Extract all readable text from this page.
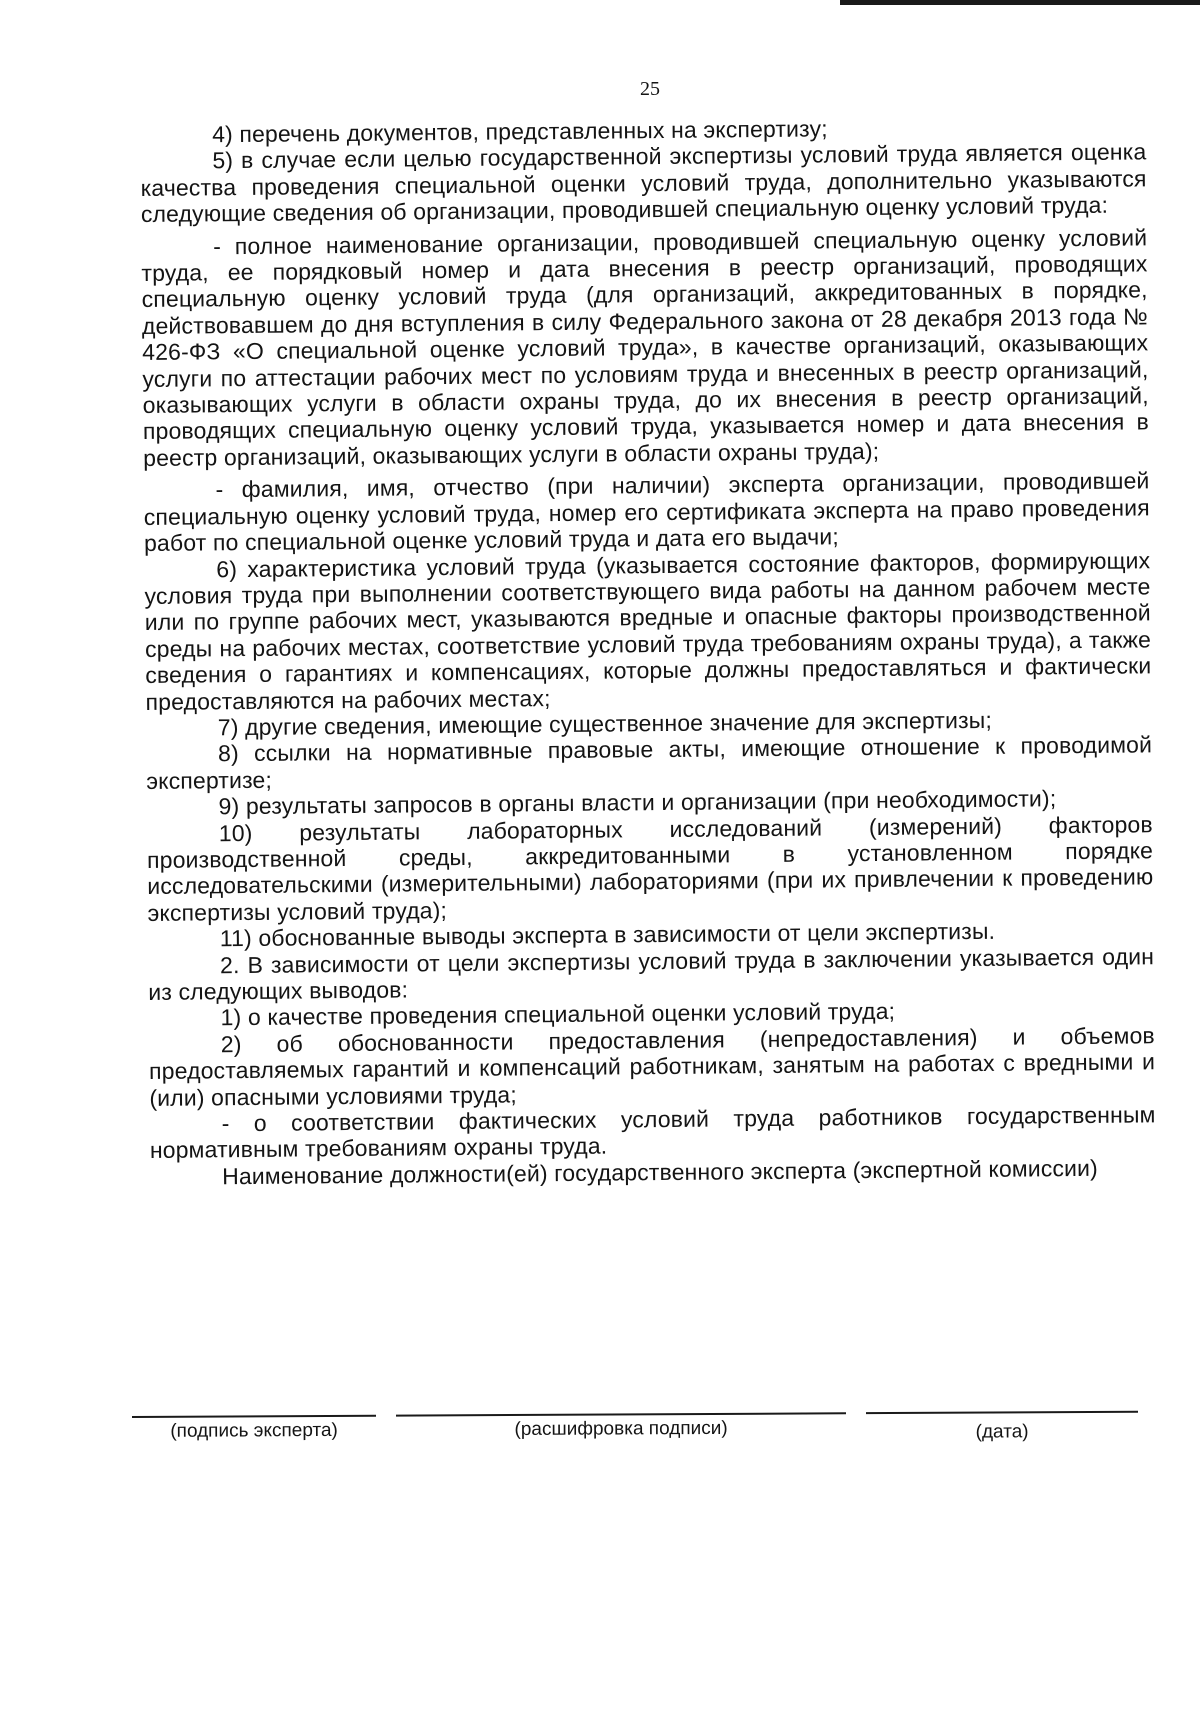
25

4) перечень документов, представленных на экспертизу;

5) в случае если целью государственной экспертизы условий труда является оценка качества проведения специальной оценки условий труда, дополнительно указываются следующие сведения об организации, проводившей специальную оценку условий труда:

- полное наименование организации, проводившей специальную оценку условий труда, ее порядковый номер и дата внесения в реестр организаций, проводящих специальную оценку условий труда (для организаций, аккредитованных в порядке, действовавшем до дня вступления в силу Федерального закона от 28 декабря 2013 года № 426-ФЗ «О специальной оценке условий труда», в качестве организаций, оказывающих услуги по аттестации рабочих мест по условиям труда и внесенных в реестр организаций, оказывающих услуги в области охраны труда, до их внесения в реестр организаций, проводящих специальную оценку условий труда, указывается номер и дата внесения в реестр организаций, оказывающих услуги в области охраны труда);

- фамилия, имя, отчество (при наличии) эксперта организации, проводившей специальную оценку условий труда, номер его сертификата эксперта на право проведения работ по специальной оценке условий труда и дата его выдачи;

6) характеристика условий труда (указывается состояние факторов, формирующих условия труда при выполнении соответствующего вида работы на данном рабочем месте или по группе рабочих мест, указываются вредные и опасные факторы производственной среды на рабочих местах, соответствие условий труда требованиям охраны труда), а также сведения о гарантиях и компенсациях, которые должны предоставляться и фактически предоставляются на рабочих местах;

7) другие сведения, имеющие существенное значение для экспертизы;

8) ссылки на нормативные правовые акты, имеющие отношение к проводимой экспертизе;

9) результаты запросов в органы власти и организации (при необходимости);

10) результаты лабораторных исследований (измерений) факторов производственной среды, аккредитованными в установленном порядке исследовательскими (измерительными) лабораториями (при их привлечении к проведению экспертизы условий труда);

11) обоснованные выводы эксперта в зависимости от цели экспертизы.

2. В зависимости от цели экспертизы условий труда в заключении указывается один из следующих выводов:

1) о качестве проведения специальной оценки условий труда;

2) об обоснованности предоставления (непредоставления) и объемов предоставляемых гарантий и компенсаций работникам, занятым на работах с вредными и (или) опасными условиями труда;

- о соответствии фактических условий труда работников государственным нормативным требованиям охраны труда.

Наименование должности(ей) государственного эксперта (экспертной комиссии)

(подпись эксперта)	(расшифровка подписи)	(дата)
